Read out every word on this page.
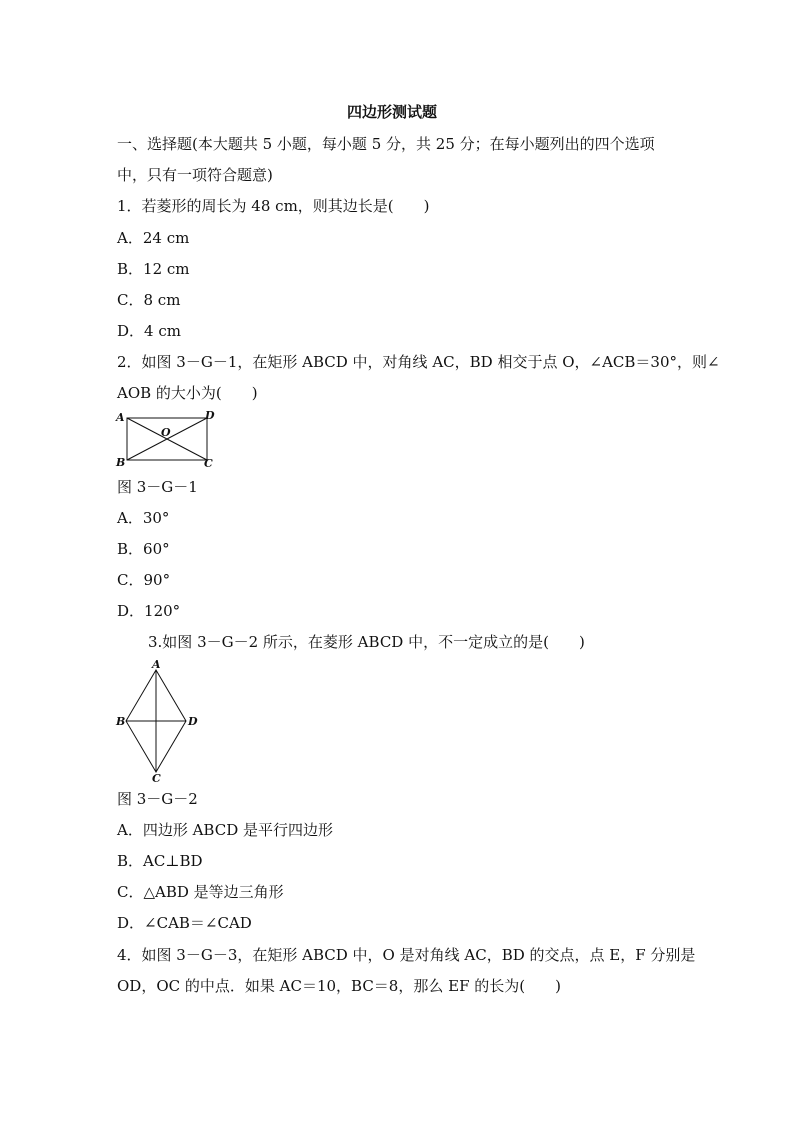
四边形测试题
一、选择题(本大题共 5 小题，每小题 5 分，共 25 分；在每小题列出的四个选项
中，只有一项符合题意)
1．若菱形的周长为 48 cm，则其边长是(　　)
A．24 cm
B．12 cm
C．8 cm
D．4 cm
2．如图 3－G－1，在矩形 ABCD 中，对角线 AC，BD 相交于点 O，∠ACB＝30°，则∠
AOB 的大小为(　　)
A
B	C
D
O
图 3－G－1
A．30°
B．60°
C．90°
D．120°
3.如图 3－G－2 所示，在菱形 ABCD 中，不一定成立的是(　　)
A
B
C
D
图 3－G－2
A．四边形 ABCD 是平行四边形
B．AC⊥BD
C．△ABD 是等边三角形
D．∠CAB＝∠CAD
4．如图 3－G－3，在矩形 ABCD 中，O 是对角线 AC，BD 的交点，点 E，F 分别是
OD，OC 的中点．如果 AC＝10，BC＝8，那么 EF 的长为(　　)
